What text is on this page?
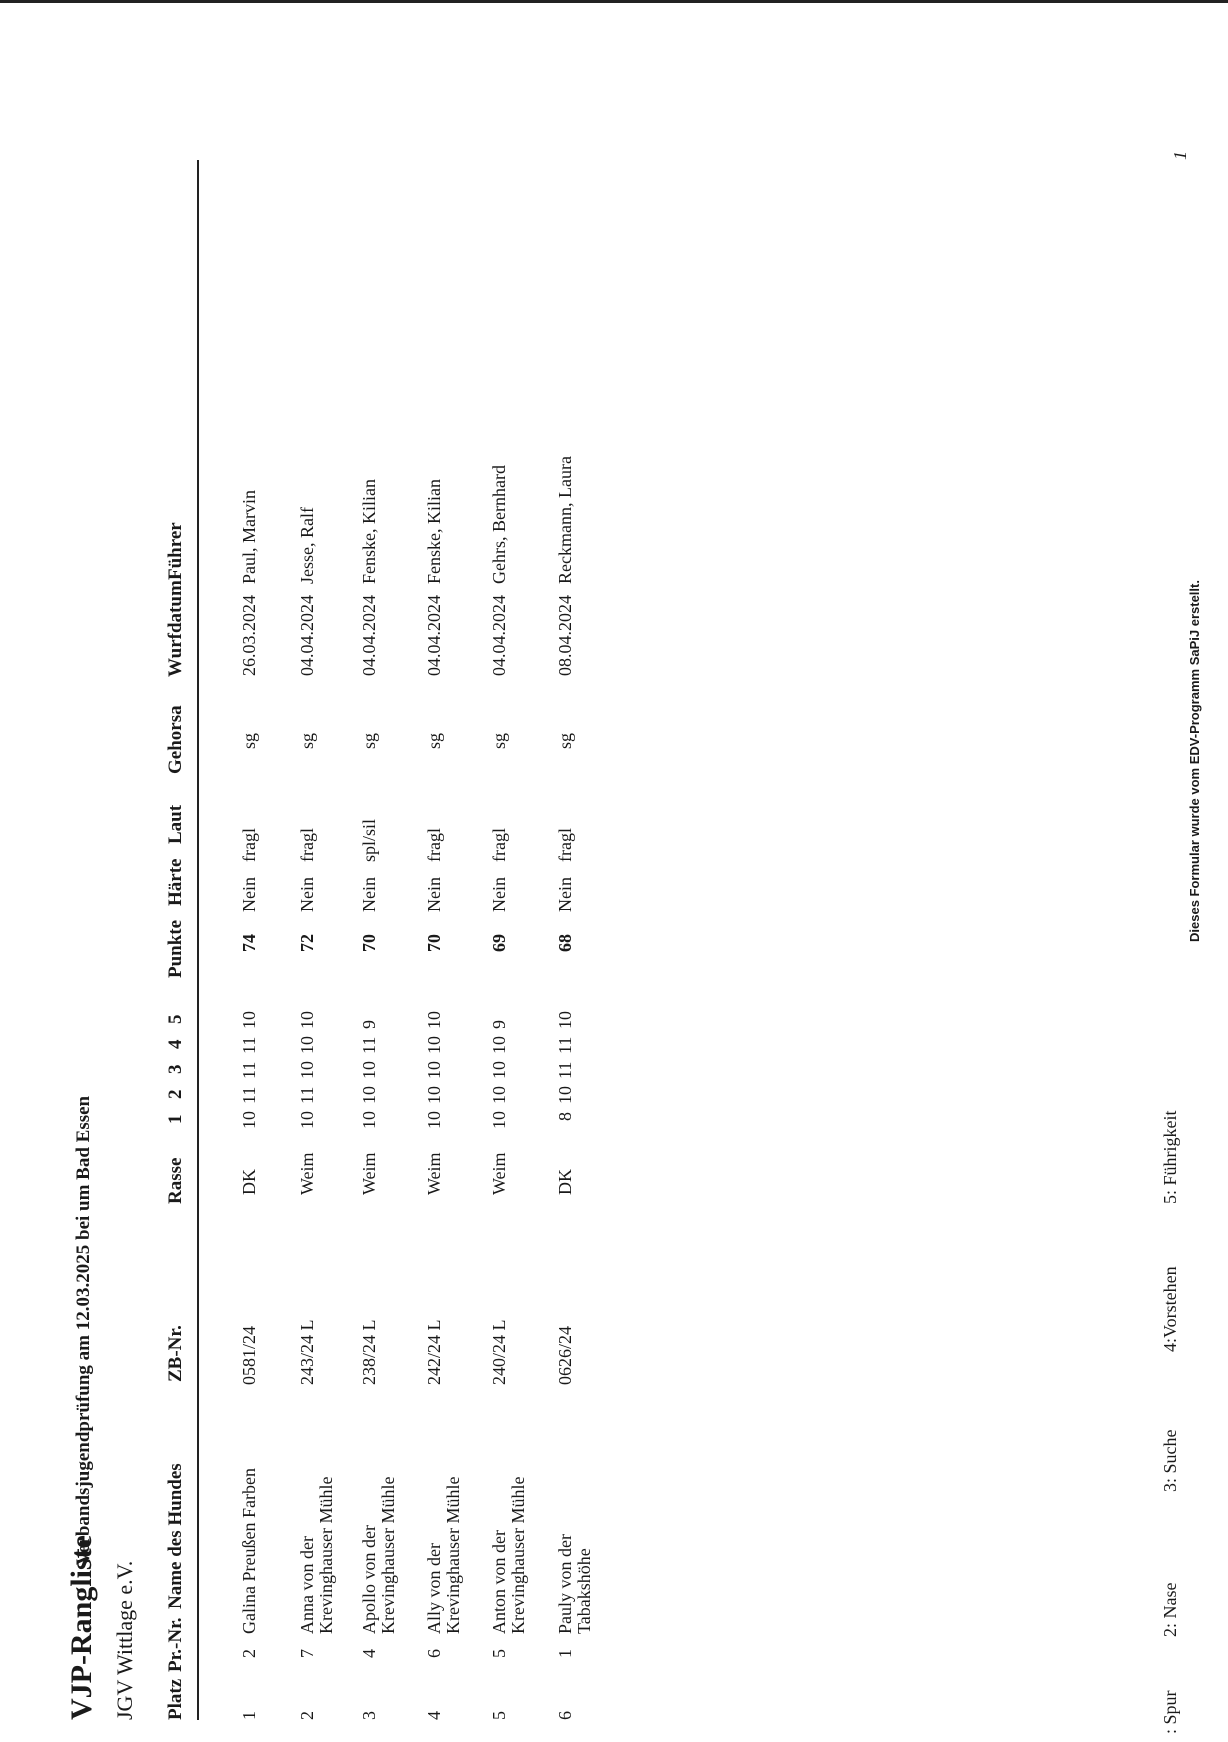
VJP-Rangliste
Verbandsjugendprüfung am 12.03.2025 bei um Bad Essen
JGV Wittlage e.V. Platz
Pr.-Nr.
Name des Hundes
ZB-Nr.
Rasse
1
2
3
4
5
Punkte
Härte
Laut
Gehorsa
Wurfdatum
Führer
1
2
Galina Preußen Farben
0581/24
DK
10
11
11
11
10
74
Nein
fragl
sg
26.03.2024
Paul, Marvin
2
7
Anna von der Krevinghauser Mühle
243/24 L
Weim
10
11
10
10
10
72
Nein
fragl
sg
04.04.2024
Jesse, Ralf
3
4
Apollo von der Krevinghauser Mühle
238/24 L
Weim
10
10
10
11
9
70
Nein
spl/sil
sg
04.04.2024
Fenske, Kilian
4
6
Ally von der Krevinghauser Mühle
242/24 L
Weim
10
10
10
10
10
70
Nein
fragl
sg
04.04.2024
Fenske, Kilian
5
5
Anton von der Krevinghauser Mühle
240/24 L
Weim
10
10
10
10
9
69
Nein
fragl
sg
04.04.2024
Gehrs, Bernhard
6
1
Pauly von der Tabakshöhe
0626/24
DK
8
10
11
11
10
68
Nein
fragl
sg
08.04.2024
Reckmann, Laura
: Spur
2: Nase
3: Suche
4:Vorstehen
5: Führigkeit
Dieses Formular wurde vom EDV-Programm SaPiJ erstellt.
1
